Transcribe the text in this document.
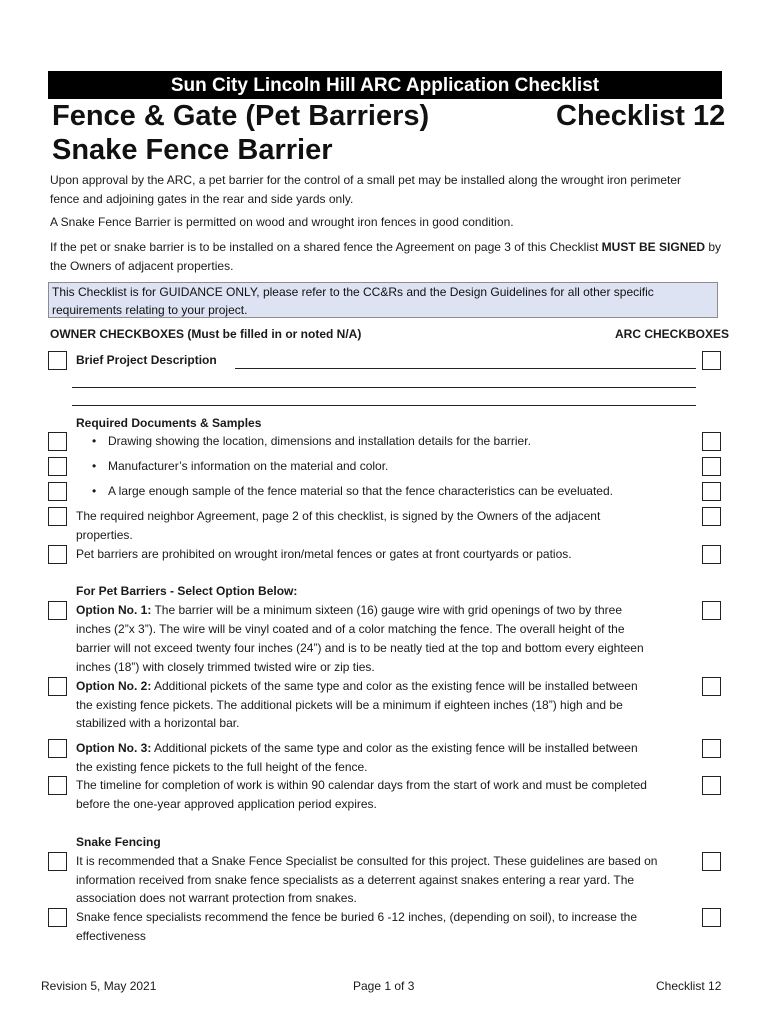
Sun City Lincoln Hill ARC Application Checklist
Fence & Gate (Pet Barriers)	Checklist 12
Snake Fence Barrier
Upon approval by the ARC, a pet barrier for the control of a small pet may be installed along the wrought iron perimeter fence and adjoining gates in the rear and side yards only.
A Snake Fence Barrier is permitted on wood and wrought iron fences in good condition.
If the pet or snake barrier is to be installed on a shared fence the Agreement on page 3 of this Checklist MUST BE SIGNED by the Owners of adjacent properties.
This Checklist is for GUIDANCE ONLY, please refer to the CC&Rs and the Design Guidelines for all other specific requirements relating to your project.
OWNER CHECKBOXES (Must be filled in or noted N/A)	ARC CHECKBOXES
Brief Project Description
Required Documents & Samples
• Drawing showing the location, dimensions and installation details for the barrier.
• Manufacturer’s information on the material and color.
• A large enough sample of the fence material so that the fence characteristics can be eveluated.
The required neighbor Agreement, page 2 of this checklist, is signed by the Owners of the adjacent
properties.
Pet barriers are prohibited on wrought iron/metal fences or gates at front courtyards or patios.
For Pet Barriers - Select Option Below:
Option No. 1: The barrier will be a minimum sixteen (16) gauge wire with grid openings of two by three
inches (2”x 3”). The wire will be vinyl coated and of a color matching the fence. The overall height of the
barrier will not exceed twenty four inches (24”) and is to be neatly tied at the top and bottom every eighteen
inches (18”) with closely trimmed twisted wire or zip ties.
Option No. 2: Additional pickets of the same type and color as the existing fence will be installed between
the existing fence pickets. The additional pickets will be a minimum if eighteen inches (18”) high and be
stabilized with a horizontal bar.
Option No. 3: Additional pickets of the same type and color as the existing fence will be installed between
the existing fence pickets to the full height of the fence.
The timeline for completion of work is within 90 calendar days from the start of work and must be completed
before the one-year approved application period expires.
Snake Fencing
It is recommended that a Snake Fence Specialist be consulted for this project. These guidelines are based on
information received from snake fence specialists as a deterrent against snakes entering a rear yard. The
association does not warrant protection from snakes.
Snake fence specialists recommend the fence be buried 6 -12 inches, (depending on soil), to increase the
effectiveness
Revision 5, May 2021	Page 1 of 3	Checklist 12
